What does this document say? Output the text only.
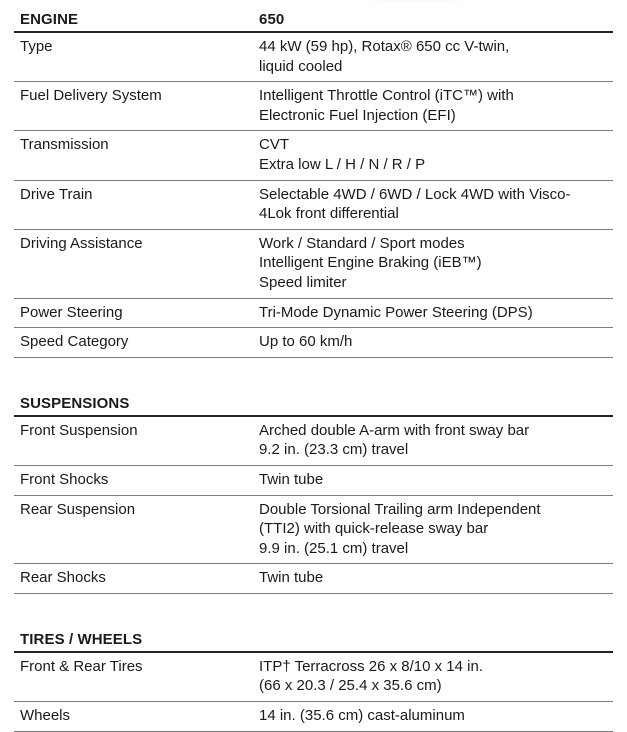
ENGINE	650
Type	44 kW (59 hp), Rotax® 650 cc V-twin,
liquid cooled
Fuel Delivery System	Intelligent Throttle Control (iTC™) with
Electronic Fuel Injection (EFI)
Transmission	CVT
Extra low L / H / N / R / P
Drive Train	Selectable 4WD / 6WD / Lock 4WD with Visco-
4Lok front differential
Driving Assistance	Work / Standard / Sport modes
Intelligent Engine Braking (iEB™)
Speed limiter
Power Steering	Tri-Mode Dynamic Power Steering (DPS)
Speed Category	Up to 60 km/h
SUSPENSIONS
Front Suspension	Arched double A-arm with front sway bar
9.2 in. (23.3 cm) travel
Front Shocks	Twin tube
Rear Suspension	Double Torsional Trailing arm Independent
(TTI2) with quick-release sway bar
9.9 in. (25.1 cm) travel
Rear Shocks	Twin tube
TIRES / WHEELS
Front & Rear Tires	ITP† Terracross 26 x 8/10 x 14 in.
(66 x 20.3 / 25.4 x 35.6 cm)
Wheels	14 in. (35.6 cm) cast-aluminum
